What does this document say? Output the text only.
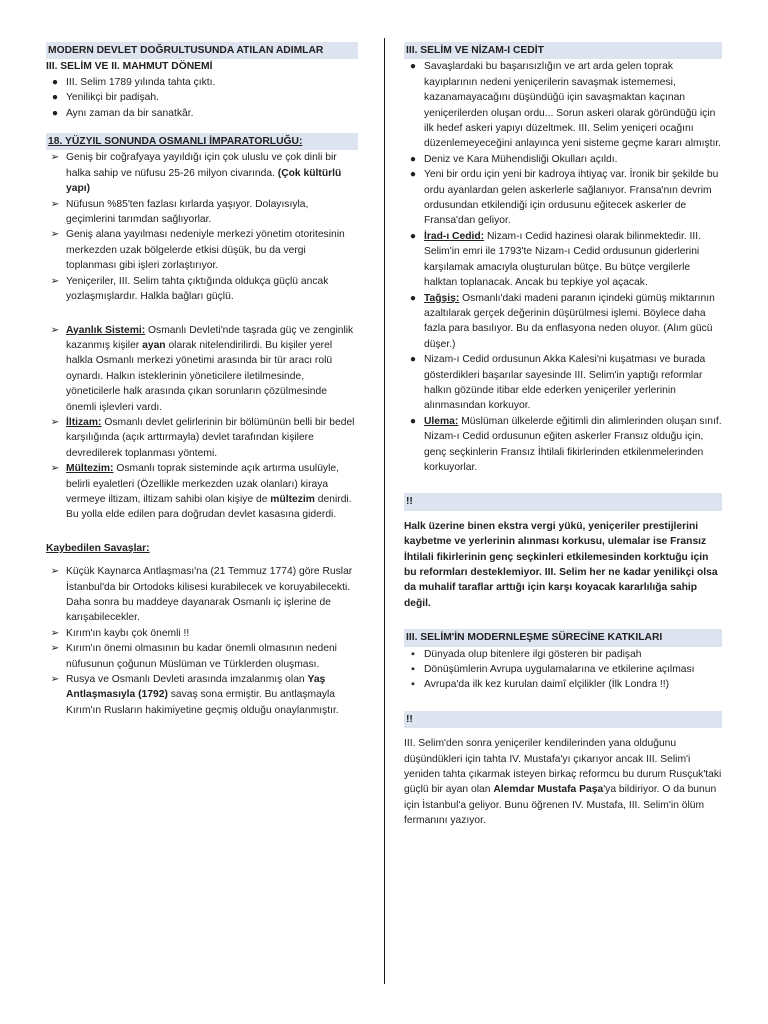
MODERN DEVLET DOĞRULTUSUNDA ATILAN ADIMLAR
III. SELİM VE II. MAHMUT DÖNEMİ
● III. Selim 1789 yılında tahta çıktı.
● Yenilikçi bir padişah.
● Aynı zaman da bir sanatkâr.
18. YÜZYIL SONUNDA OSMANLI İMPARATORLUĞU:
➢ Geniş bir coğrafyaya yayıldığı için çok uluslu ve çok dinli bir halka sahip ve nüfusu 25-26 milyon civarında. (Çok kültürlü yapı)
➢ Nüfusun %85'ten fazlası kırlarda yaşıyor. Dolayısıyla, geçimlerini tarımdan sağlıyorlar.
➢ Geniş alana yayılması nedeniyle merkezi yönetim otoritesinin merkezden uzak bölgelerde etkisi düşük, bu da vergi toplanması gibi işleri zorlaştırıyor.
➢ Yeniçeriler, III. Selim tahta çıktığında oldukça güçlü ancak yozlaşmışlardır. Halkla bağları güçlü.
➢ Ayanlık Sistemi: Osmanlı Devleti'nde taşrada güç ve zenginlik kazanmış kişiler ayan olarak nitelendirilirdi. Bu kişiler yerel halkla Osmanlı merkezi yönetimi arasında bir tür aracı rolü oynardı. Halkın isteklerinin yöneticilere iletilmesinde, yöneticilerle halk arasında çıkan sorunların çözülmesinde önemli işlevleri vardı.
➢ İltizam: Osmanlı devlet gelirlerinin bir bölümünün belli bir bedel karşılığında (açık arttırmayla) devlet tarafından kişilere devredilerek toplanması yöntemi.
➢ Mültezim: Osmanlı toprak sisteminde açık artırma usulüyle, belirli eyaletleri (Özellikle merkezden uzak olanları) kiraya vermeye iltizam, iltizam sahibi olan kişiye de mültezim denirdi. Bu yolla elde edilen para doğrudan devlet kasasına giderdi.
Kaybedilen Savaşlar:
➢ Küçük Kaynarca Antlaşması'na (21 Temmuz 1774) göre Ruslar İstanbul'da bir Ortodoks kilisesi kurabilecek ve koruyabilecekti. Daha sonra bu maddeye dayanarak Osmanlı iç işlerine de karışabilecekler.
➢ Kırım'ın kaybı çok önemli !!
➢ Kırım'ın önemi olmasının bu kadar önemli olmasının nedeni nüfusunun çoğunun Müslüman ve Türklerden oluşması.
➢ Rusya ve Osmanlı Devleti arasında imzalanmış olan Yaş Antlaşmasıyla (1792) savaş sona ermiştir. Bu antlaşmayla Kırım'ın Rusların hakimiyetine geçmiş olduğu onaylanmıştır.
III. SELİM VE NİZAM-I CEDİT
● Savaşlardaki bu başarısızlığın ve art arda gelen toprak kayıplarının nedeni yeniçerilerin savaşmak istememesi, kazanamayacağını düşündüğü için savaşmaktan kaçınan yeniçerilerden oluşan ordu... Sorun askeri olarak göründüğü için ilk hedef askeri yapıyı düzeltmek. III. Selim yeniçeri ocağını düzenlemeyeceğini anlayınca yeni sisteme geçme kararı almıştır.
● Deniz ve Kara Mühendisliği Okulları açıldı.
● Yeni bir ordu için yeni bir kadroya ihtiyaç var. İronik bir şekilde bu ordu ayanlardan gelen askerlerle sağlanıyor. Fransa'nın devrim ordusundan etkilendiği için ordusunu eğitecek askerler de Fransa'dan geliyor.
● İrad-ı Cedid: Nizam-ı Cedid hazinesi olarak bilinmektedir. III. Selim'in emri ile 1793'te Nizam-ı Cedid ordusunun giderlerini karşılamak amacıyla oluşturulan bütçe. Bu bütçe vergilerle halktan toplanacak. Ancak bu tepkiye yol açacak.
● Tağşiş: Osmanlı'daki madeni paranın içindeki gümüş miktarının azaltılarak gerçek değerinin düşürülmesi işlemi. Böylece daha fazla para basılıyor. Bu da enflasyona neden oluyor. (Alım gücü düşer.)
● Nizam-ı Cedid ordusunun Akka Kalesi'ni kuşatması ve burada gösterdikleri başarılar sayesinde III. Selim'in yaptığı reformlar halkın gözünde itibar elde ederken yeniçeriler yerlerinin alınmasından korkuyor.
● Ulema: Müslüman ülkelerde eğitimli din alimlerinden oluşan sınıf. Nizam-ı Cedid ordusunun eğiten askerler Fransız olduğu için, genç seçkinlerin Fransız İhtilali fikirlerinden etkilenmelerinden korkuyorlar.
!!

Halk üzerine binen ekstra vergi yükü, yeniçeriler prestijlerini kaybetme ve yerlerinin alınması korkusu, ulemalar ise Fransız İhtilali fikirlerinin genç seçkinleri etkilemesinden korktuğu için bu reformları desteklemiyor. III. Selim her ne kadar yenilikçi olsa da muhalif taraflar arttığı için karşı koyacak kararlılığa sahip değil.

III. SELİM'İN MODERNLEŞME SÜRECİNE KATKILARI
▪ Dünyada olup bitenlere ilgi gösteren bir padişah
▪ Dönüşümlerin Avrupa uygulamalarına ve etkilerine açılması
▪ Avrupa'da ilk kez kurulan daimî elçilikler (İlk Londra !!)
!!

III. Selim'den sonra yeniçeriler kendilerinden yana olduğunu düşündükleri için tahta IV. Mustafa'yı çıkarıyor ancak III. Selim'i yeniden tahta çıkarmak isteyen birkaç reformcu bu durum Rusçuk'taki güçlü bir ayan olan Alemdar Mustafa Paşa'ya bildiriyor. O da bunun için İstanbul'a geliyor. Bunu öğrenen IV. Mustafa, III. Selim'in ölüm fermanını yazıyor.
